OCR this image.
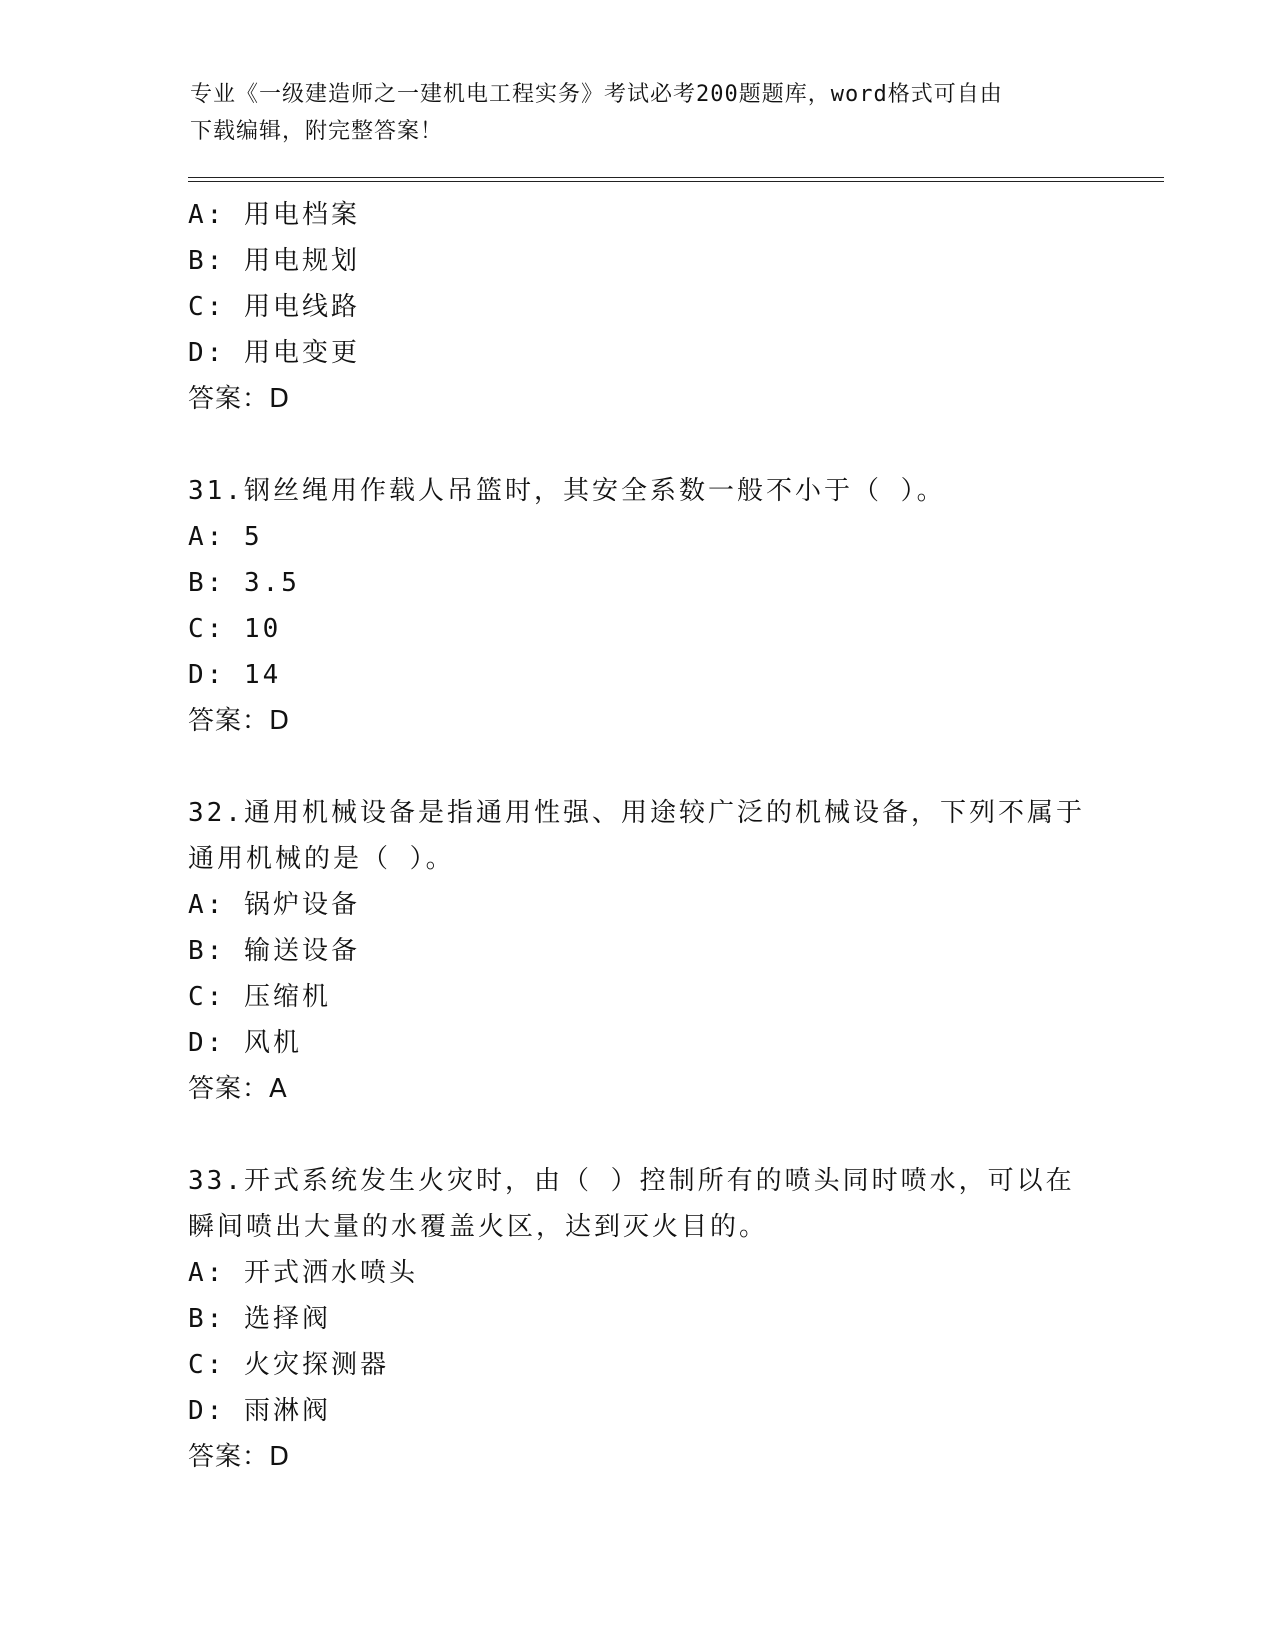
专业《一级建造师之一建机电工程实务》考试必考200题题库，word格式可自由
下载编辑，附完整答案！
A: 用电档案
B: 用电规划
C: 用电线路
D: 用电变更
答案：D
31.钢丝绳用作载人吊篮时，其安全系数一般不小于（ ）。
A: 5
B: 3.5
C: 10
D: 14
答案：D
32.通用机械设备是指通用性强、用途较广泛的机械设备，下列不属于
通用机械的是（ ）。
A: 锅炉设备
B: 输送设备
C: 压缩机
D: 风机
答案：A
33.开式系统发生火灾时，由（ ）控制所有的喷头同时喷水，可以在
瞬间喷出大量的水覆盖火区，达到灭火目的。
A: 开式洒水喷头
B: 选择阀
C: 火灾探测器
D: 雨淋阀
答案：D
